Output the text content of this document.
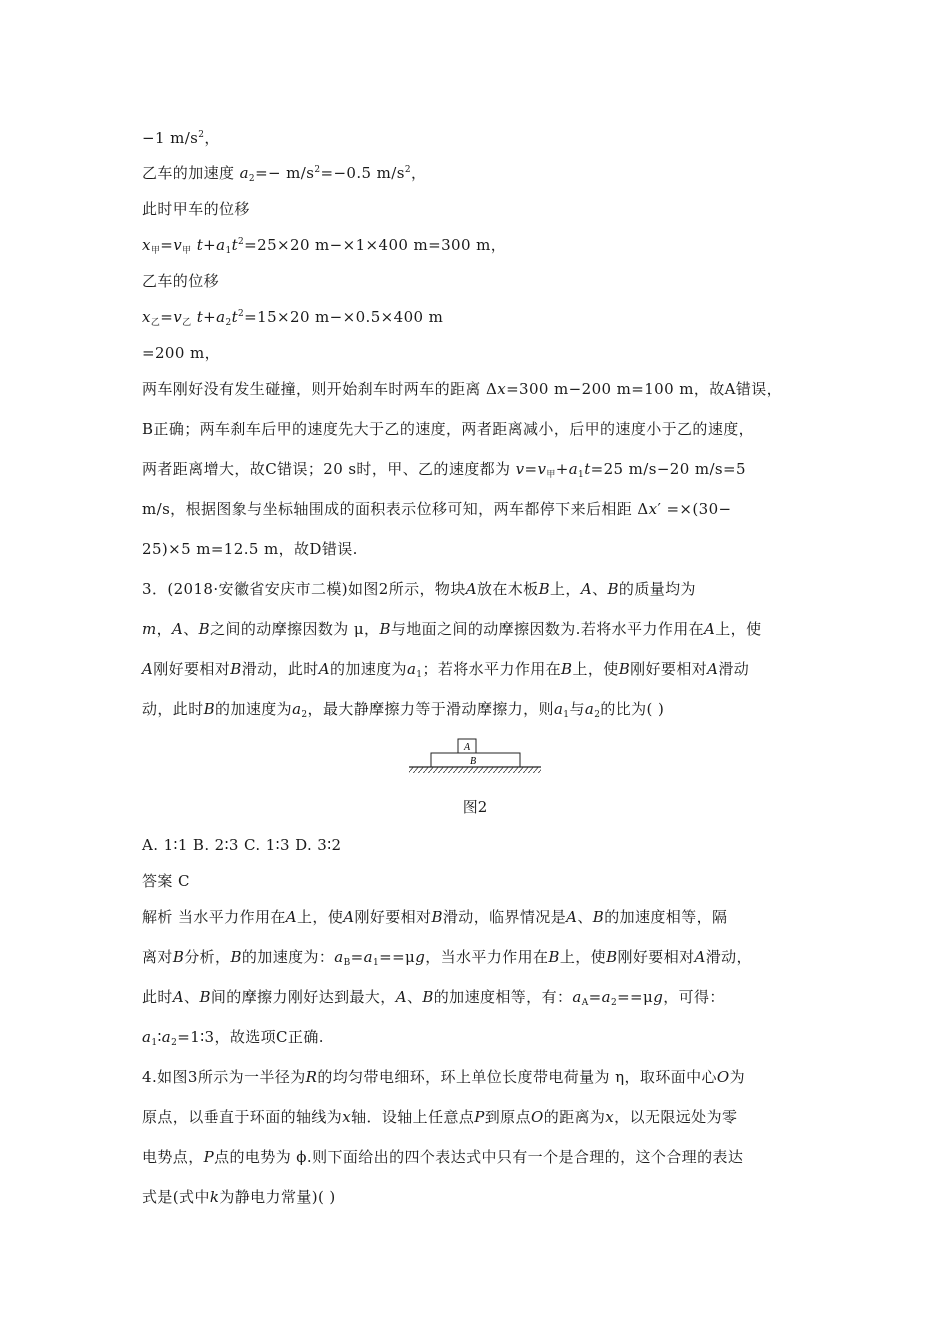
−1 $m/s^2$，
乙车的加速度 $a_2=- m/s^2=-0.5$ $m/s^2$，
此时甲车的位移
$x_甲=v_甲$ $t+a_1t^2=25\times 20$ m−×1×400 m=300 m，
乙车的位移
$x_乙=v_乙$ $t+a_2t^2=15\times 20$ m−×0.5×400 m
=200 m，
两车刚好没有发生碰撞，则开始刹车时两车的距离 Δx=300 m−200 m=100 m，故A错误，
B正确；两车刹车后甲的速度先大于乙的速度，两者距离减小，后甲的速度小于乙的速度，
两者距离增大，故C错误；20 s时，甲、乙的速度都为 $v=v_甲+a_1t=25$ m/s−20 m/s=5
m/s，根据图象与坐标轴围成的面积表示位移可知，两车都停下来后相距 Δx′ =×(30−
25)×5 m=12.5 m，故D错误.
3．(2018·安徽省安庆市二模)如图2所示，物块A放在木板B上，A、B的质量均为
m，A、B之间的动摩擦因数为 μ，B与地面之间的动摩擦因数为.若将水平力作用在A上，使
A刚好要相对B滑动，此时A的加速度为$a_1$；若将水平力作用在B上，使B刚好要相对A滑动
动，此时B的加速度为$a_2$，最大静摩擦力等于滑动摩擦力，则$a_1$与$a_2$的比为( )
A
B
图2
A. 1∶1 B. 2∶3 C. 1∶3 D. 3∶2
答案 C
解析 当水平力作用在A上，使A刚好要相对B滑动，临界情况是A、B的加速度相等，隔
离对B分析，B的加速度为：$a_B=a_1==\mu g$，当水平力作用在B上，使B刚好要相对A滑动，
此时A、B间的摩擦力刚好达到最大，A、B的加速度相等，有：$a_A=a_2==\mu g$，可得：
$a_1∶a_2=1∶3$，故选项C正确.
4.如图3所示为一半径为R的均匀带电细环，环上单位长度带电荷量为 η，取环面中心O为
原点，以垂直于环面的轴线为x轴．设轴上任意点P到原点O的距离为x，以无限远处为零
电势点，P点的电势为 ϕ.则下面给出的四个表达式中只有一个是合理的，这个合理的表达
式是(式中k为静电力常量)( )
